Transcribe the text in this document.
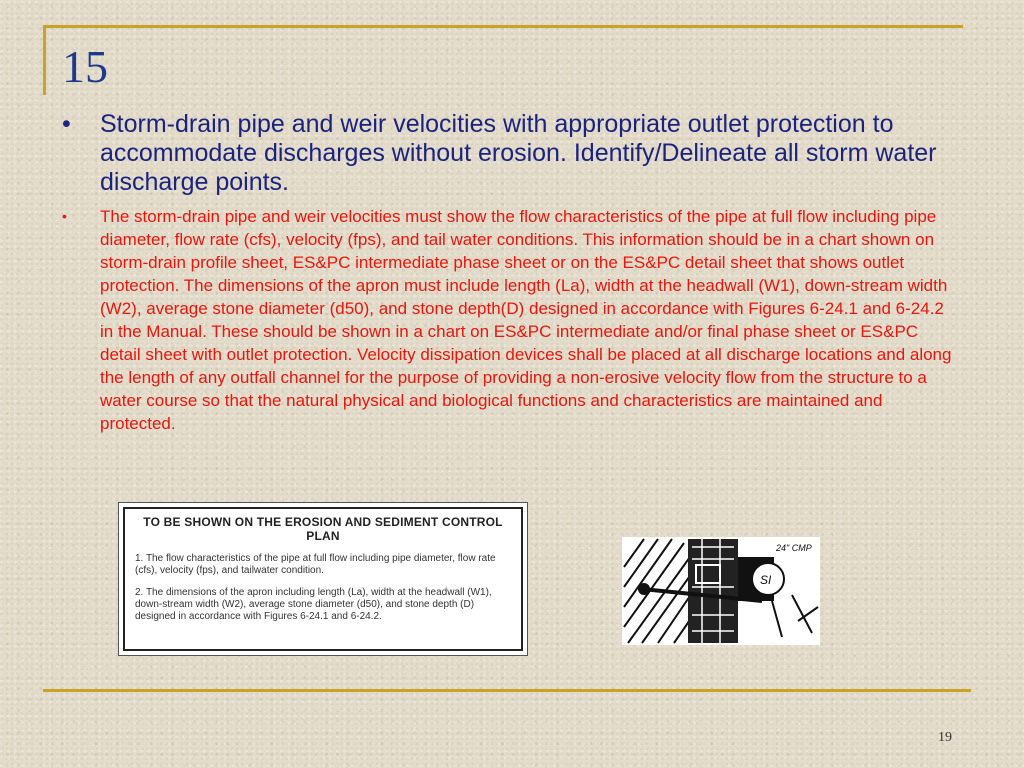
15
•	Storm-drain pipe and weir velocities with appropriate outlet protection to accommodate discharges without erosion. Identify/Delineate all storm water discharge points.
•	The storm-drain pipe and weir velocities must show the flow characteristics of the pipe at full flow including pipe diameter, flow rate (cfs), velocity (fps), and tail water conditions. This information should be in a chart shown on storm-drain profile sheet, ES&PC intermediate phase sheet or on the ES&PC detail sheet that shows outlet protection. The dimensions of the apron must include length (La), width at the headwall (W1), down-stream width (W2), average stone diameter (d50), and stone depth(D) designed in accordance with Figures 6-24.1 and 6-24.2 in the Manual. These should be shown in a chart on ES&PC intermediate and/or final phase sheet or ES&PC detail sheet with outlet protection. Velocity dissipation devices shall be placed at all discharge locations and along the length of any outfall channel for the purpose of providing a non-erosive velocity flow from the structure to a water course so that the natural physical and biological functions and characteristics are maintained and protected.
TO BE SHOWN ON THE EROSION AND SEDIMENT CONTROL PLAN
1. The flow characteristics of the pipe at full flow including pipe diameter, flow rate (cfs), velocity (fps), and tailwater condition.
2. The dimensions of the apron including length (La), width at the headwall (W1), down-stream width (W2), average stone diameter (d50), and stone depth (D) designed in accordance with Figures 6-24.1 and 6-24.2.
SI
24" CMP
19
